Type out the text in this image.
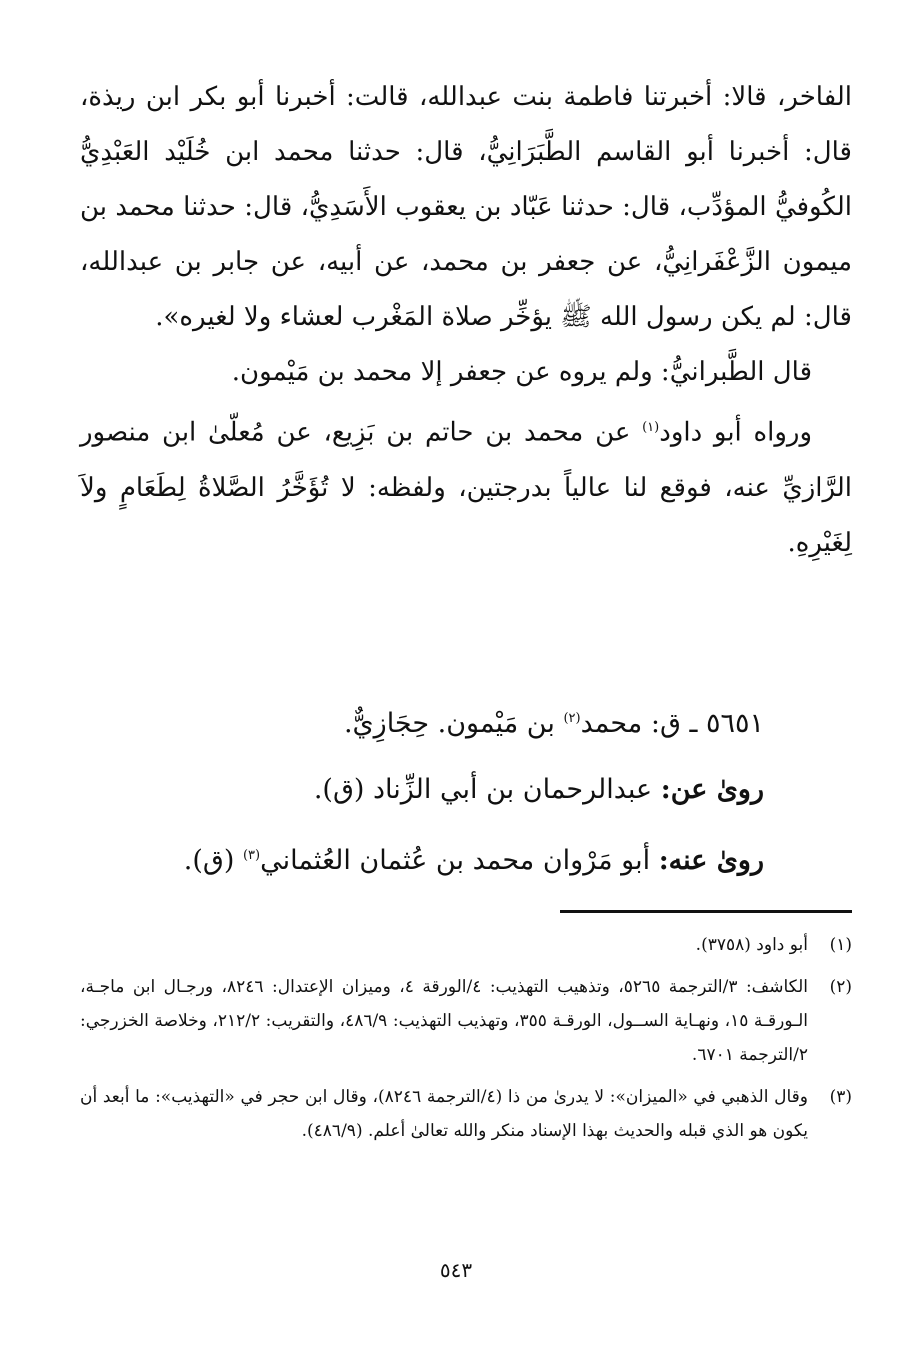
الفاخر، قالا: أخبرتنا فاطمة بنت عبدالله، قالت: أخبرنا أبو بكر ابن ريذة، قال: أخبرنا أبو القاسم الطَّبَرَانِيُّ، قال: حدثنا محمد ابن خُلَيْد العَبْدِيُّ الكُوفيُّ المؤدِّب، قال: حدثنا عَبّاد بن يعقوب الأَسَدِيُّ، قال: حدثنا محمد بن ميمون الزَّعْفَرانِيُّ، عن جعفر بن محمد، عن أبيه، عن جابر بن عبدالله، قال: لم يكن رسول الله ﷺ يؤخِّر صلاة المَغْرب لعشاء ولا لغيره».

قال الطَّبرانيُّ: ولم يروه عن جعفر إلا محمد بن مَيْمون.

ورواه أبو داود$^{(١)}$ عن محمد بن حاتم بن بَزِيع، عن مُعلّىٰ ابن منصور الرَّازيِّ عنه، فوقع لنا عالياً بدرجتين، ولفظه: لا تُؤَخَّرُ الصَّلاةُ لِطَعَامٍ ولاَ لِغَيْرِهِ.

٥٦٥١ ـ ق: محمد$^{(٢)}$ بن مَيْمون. حِجَازِيٌّ.

روىٰ عن: عبدالرحمان بن أبي الزِّناد (ق).

روىٰ عنه: أبو مَرْوان محمد بن عُثمان العُثماني$^{(٣)}$ (ق).

(١)
أبو داود (٣٧٥٨).
(٢)
الكاشف: ٣/الترجمة ٥٢٦٥، وتذهيب التهذيب: ٤/الورقة ٤، وميزان الإعتدال: ٨٢٤٦، ورجـال ابن ماجـة، الـورقـة ١٥، ونهـاية الســول، الورقـة ٣٥٥، وتهذيب التهذيب: ٤٨٦/٩، والتقريب: ٢١٢/٢، وخلاصة الخزرجي: ٢/الترجمة ٦٧٠١.
(٣)
وقال الذهبي في «الميزان»: لا يدرىٰ من ذا (٤/الترجمة ٨٢٤٦)، وقال ابن حجر في «التهذيب»: ما أبعد أن يكون هو الذي قبله والحديث بهذا الإسناد منكر والله تعالىٰ أعلم. (٤٨٦/٩).
٥٤٣
